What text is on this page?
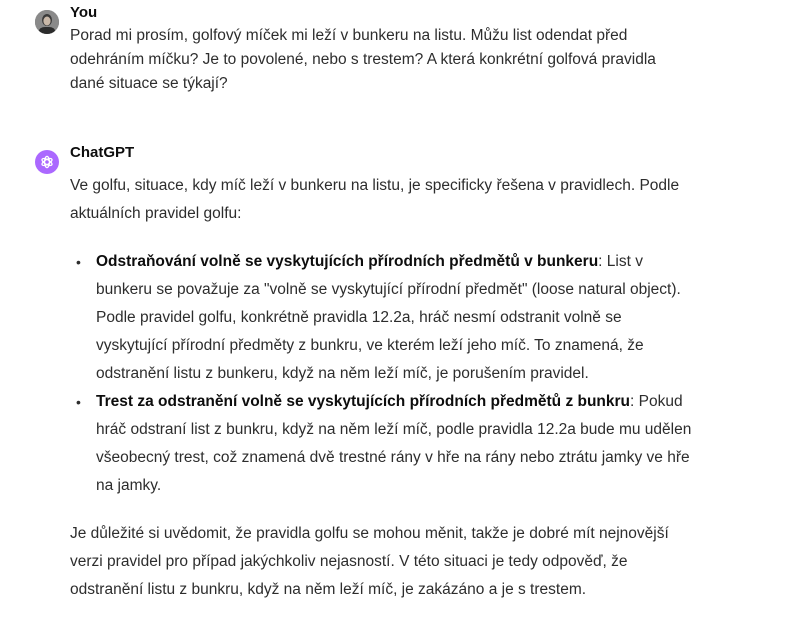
You
Porad mi prosím, golfový míček mi leží v bunkeru na listu. Můžu list odendat před odehráním míčku? Je to povolené, nebo s trestem? A která konkrétní golfová pravidla dané situace se týkají?
ChatGPT

Ve golfu, situace, kdy míč leží v bunkeru na listu, je specificky řešena v pravidlech. Podle aktuálních pravidel golfu:

• Odstraňování volně se vyskytujících přírodních předmětů v bunkeru: List v bunkeru se považuje za "volně se vyskytující přírodní předmět" (loose natural object). Podle pravidel golfu, konkrétně pravidla 12.2a, hráč nesmí odstranit volně se vyskytující přírodní předměty z bunkru, ve kterém leží jeho míč. To znamená, že odstranění listu z bunkeru, když na něm leží míč, je porušením pravidel.
• Trest za odstranění volně se vyskytujících přírodních předmětů z bunkru: Pokud hráč odstraní list z bunkru, když na něm leží míč, podle pravidla 12.2a bude mu udělen všeobecný trest, což znamená dvě trestné rány v hře na rány nebo ztrátu jamky ve hře na jamky.

Je důležité si uvědomit, že pravidla golfu se mohou měnit, takže je dobré mít nejnovější verzi pravidel pro případ jakýchkoliv nejasností. V této situaci je tedy odpověď, že odstranění listu z bunkru, když na něm leží míč, je zakázáno a je s trestem.
